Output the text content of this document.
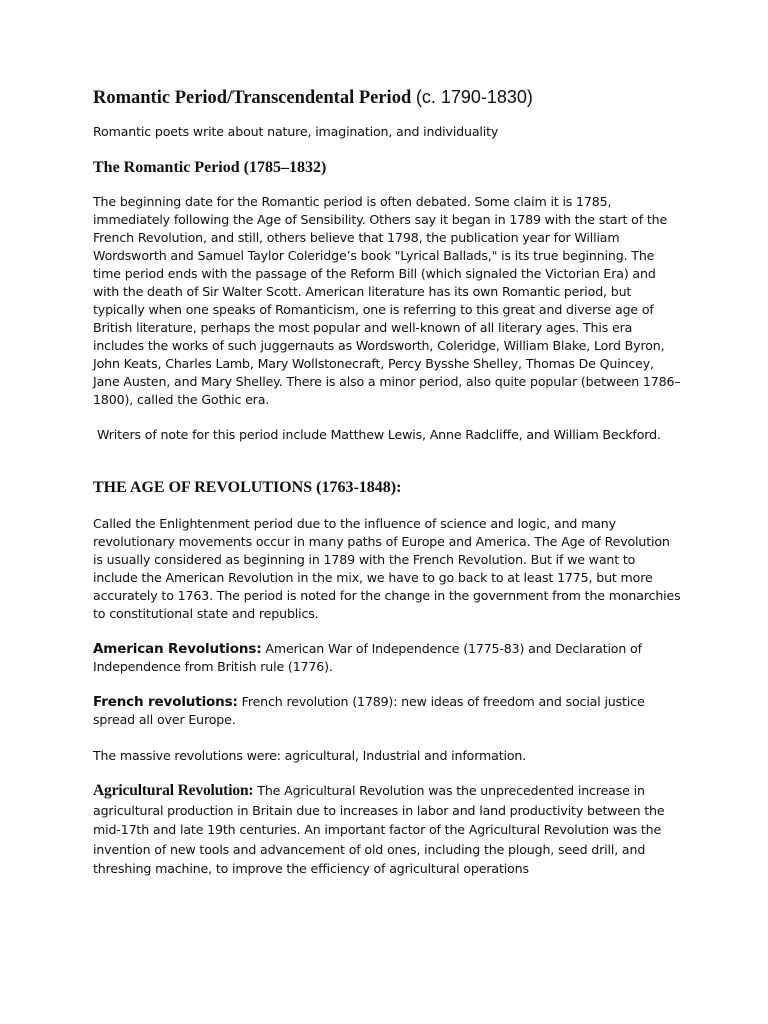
Romantic Period/Transcendental Period (c. 1790-1830)

Romantic poets write about nature, imagination, and individuality

The Romantic Period (1785–1832)

The beginning date for the Romantic period is often debated. Some claim it is 1785, immediately following the Age of Sensibility. Others say it began in 1789 with the start of the French Revolution, and still, others believe that 1798, the publication year for William Wordsworth and Samuel Taylor Coleridge’s book "Lyrical Ballads," is its true beginning. The time period ends with the passage of the Reform Bill (which signaled the Victorian Era) and with the death of Sir Walter Scott. American literature has its own Romantic period, but typically when one speaks of Romanticism, one is referring to this great and diverse age of British literature, perhaps the most popular and well-known of all literary ages. This era includes the works of such juggernauts as Wordsworth, Coleridge, William Blake, Lord Byron, John Keats, Charles Lamb, Mary Wollstonecraft, Percy Bysshe Shelley, Thomas De Quincey, Jane Austen, and Mary Shelley. There is also a minor period, also quite popular (between 1786–1800), called the Gothic era.

Writers of note for this period include Matthew Lewis, Anne Radcliffe, and William Beckford.

THE AGE OF REVOLUTIONS (1763-1848):

Called the Enlightenment period due to the influence of science and logic, and many revolutionary movements occur in many paths of Europe and America. The Age of Revolution is usually considered as beginning in 1789 with the French Revolution. But if we want to include the American Revolution in the mix, we have to go back to at least 1775, but more accurately to 1763. The period is noted for the change in the government from the monarchies to constitutional state and republics.

American Revolutions: American War of Independence (1775-83) and Declaration of Independence from British rule (1776).

French revolutions: French revolution (1789): new ideas of freedom and social justice spread all over Europe.

The massive revolutions were: agricultural, Industrial and information.

Agricultural Revolution: The Agricultural Revolution was the unprecedented increase in agricultural production in Britain due to increases in labor and land productivity between the mid-17th and late 19th centuries. An important factor of the Agricultural Revolution was the invention of new tools and advancement of old ones, including the plough, seed drill, and threshing machine, to improve the efficiency of agricultural operations
